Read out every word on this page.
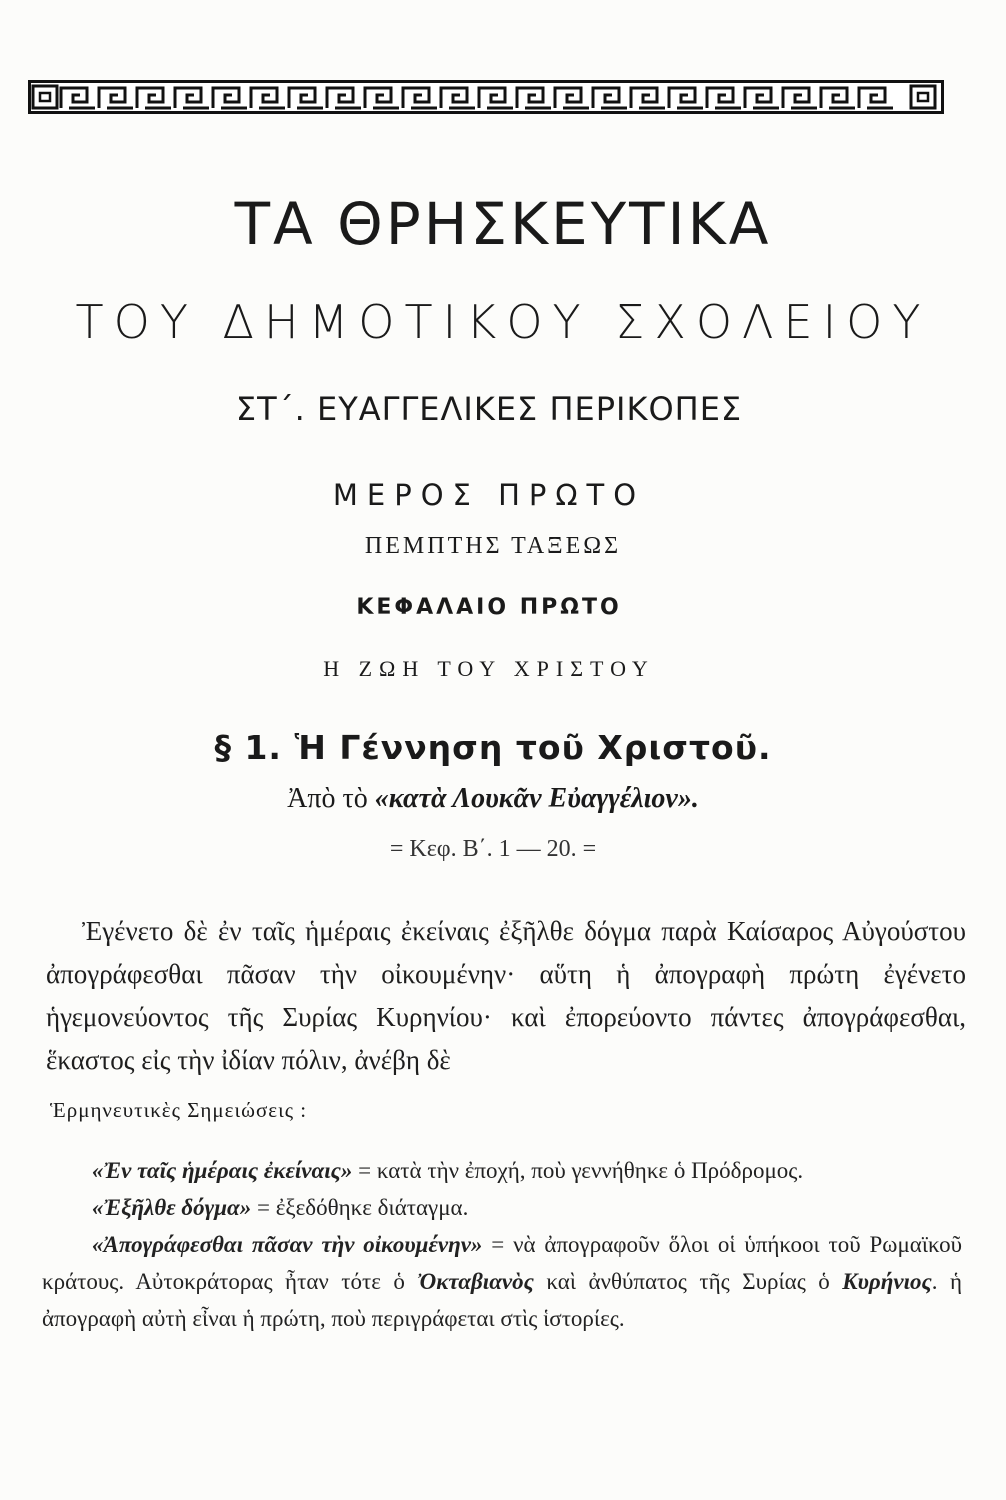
ΤΑ ΘΡΗΣΚΕΥΤΙΚΑ
ΤΟΥ ΔΗΜΟΤΙΚΟΥ ΣΧΟΛΕΙΟΥ
ΣΤ΄. ΕΥΑΓΓΕΛΙΚΕΣ ΠΕΡΙΚΟΠΕΣ
ΜΕΡΟΣ ΠΡΩΤΟ
ΠΕΜΠΤΗΣ ΤΑΞΕΩΣ
ΚΕΦΑΛΑΙΟ ΠΡΩΤΟ
Η ΖΩΗ ΤΟΥ ΧΡΙΣΤΟΥ
§ 1. Ἡ Γέννηση τοῦ Χριστοῦ.
Ἀπὸ τὸ «κατὰ Λουκᾶν Εὐαγγέλιον».
= Κεφ. Β΄. 1 — 20. =
Ἐγένετο δὲ ἐν ταῖς ἡμέραις ἐκείναις ἐξῆλθε δόγμα παρὰ Καίσαρος Αὐγούστου ἀπογράφεσθαι πᾶσαν τὴν οἰκουμένην· αὕτη ἡ ἀπογραφὴ πρώτη ἐγένετο ἡγεμονεύοντος τῆς Συρίας Κυρηνίου· καὶ ἐπορεύοντο πάντες ἀπογράφεσθαι, ἕκαστος εἰς τὴν ἰδίαν πόλιν, ἀνέβη δὲ
Ἑρμηνευτικὲς Σημειώσεις :

«Ἐν ταῖς ἡμέραις ἐκείναις» = κατὰ τὴν ἐποχή, ποὺ γεννήθηκε ὁ Πρόδρομος.

«Ἐξῆλθε δόγμα» = ἐξεδόθηκε διάταγμα.

«Ἀπογράφεσθαι πᾶσαν τὴν οἰκουμένην» = νὰ ἀπογραφοῦν ὅλοι οἱ ὑπήκοοι τοῦ Ρωμαϊκοῦ κράτους. Αὐτοκράτορας ἦταν τότε ὁ Ὀκταβιανὸς καὶ ἀνθύπατος τῆς Συρίας ὁ Κυρήνιος. ἡ ἀπογραφὴ αὐτὴ εἶναι ἡ πρώτη, ποὺ περιγράφεται στὶς ἱστορίες.
